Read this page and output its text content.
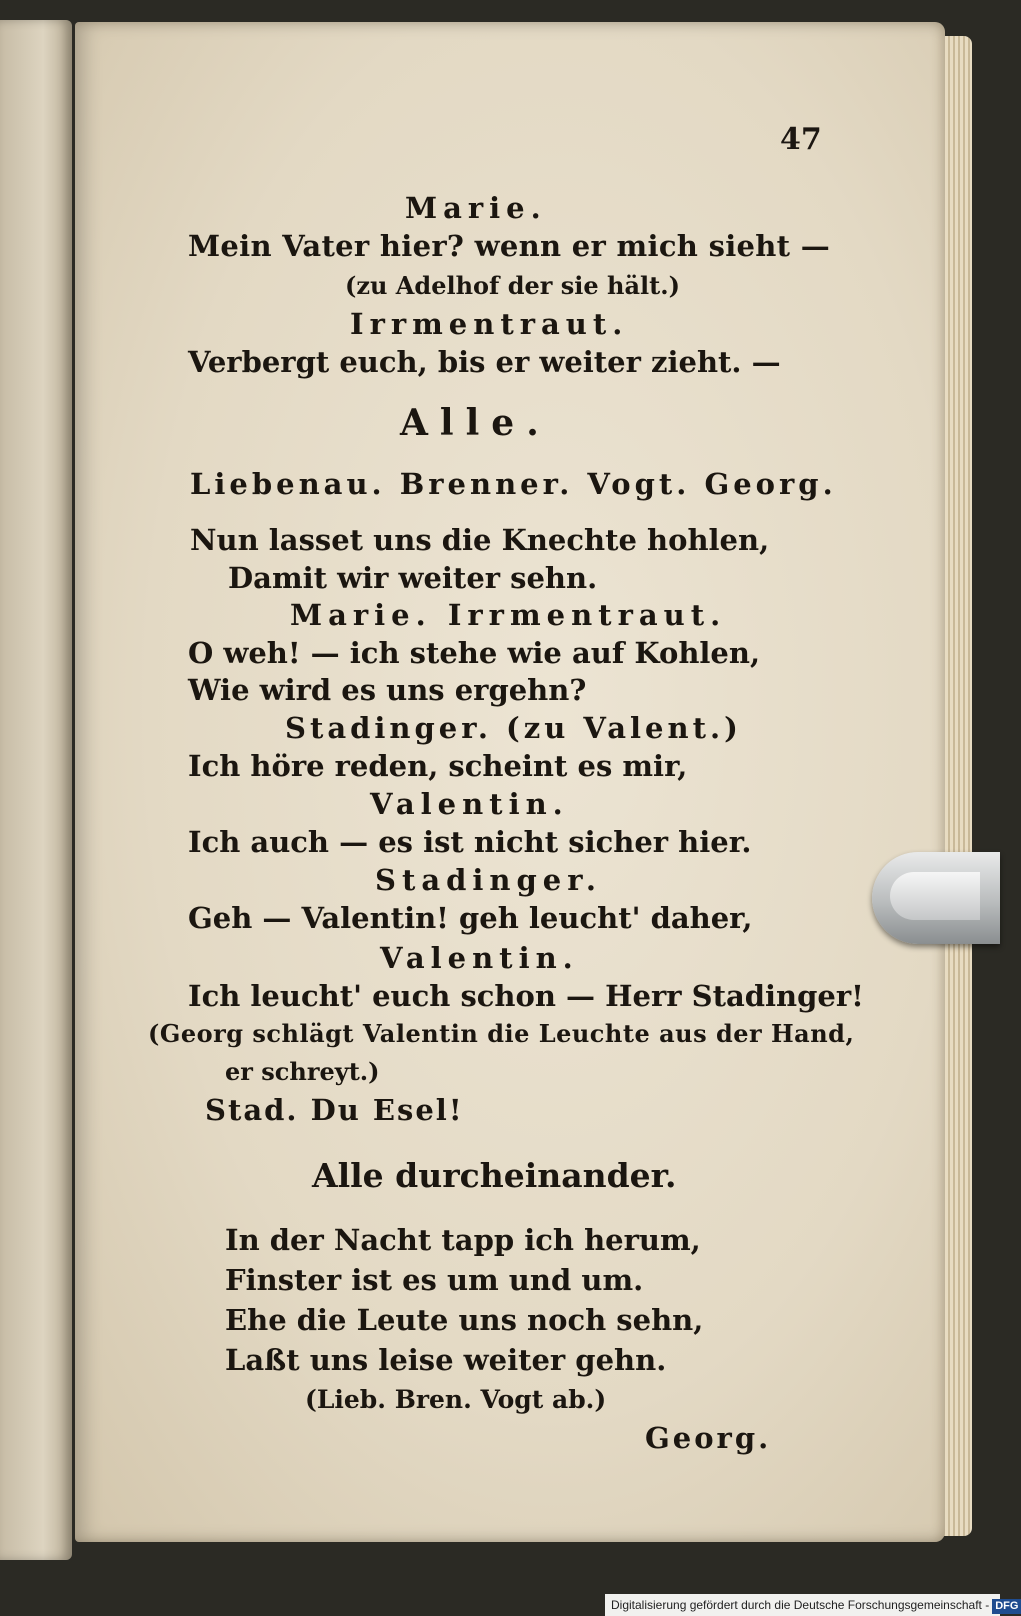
47
Marie.
Mein Vater hier? wenn er mich sieht —
(zu Adelhof der sie hält.)
Irrmentraut.
Verbergt euch, bis er weiter zieht. —
Alle.
Liebenau. Brenner. Vogt. Georg.
Nun lasset uns die Knechte hohlen,
Damit wir weiter sehn.
Marie. Irrmentraut.
O weh! — ich stehe wie auf Kohlen,
Wie wird es uns ergehn?
Stadinger. (zu Valent.)
Ich höre reden, scheint es mir,
Valentin.
Ich auch — es ist nicht sicher hier.
Stadinger.
Geh — Valentin! geh leucht' daher,
Valentin.
Ich leucht' euch schon — Herr Stadinger!
(Georg schlägt Valentin die Leuchte aus der Hand,
er schreyt.)
Stad. Du Esel!
Alle durcheinander.
In der Nacht tapp ich herum,
Finster ist es um und um.
Ehe die Leute uns noch sehn,
Laßt uns leise weiter gehn.
(Lieb. Bren. Vogt ab.)
Georg.
Digitalisierung gefördert durch die Deutsche Forschungsgemeinschaft - DFG
